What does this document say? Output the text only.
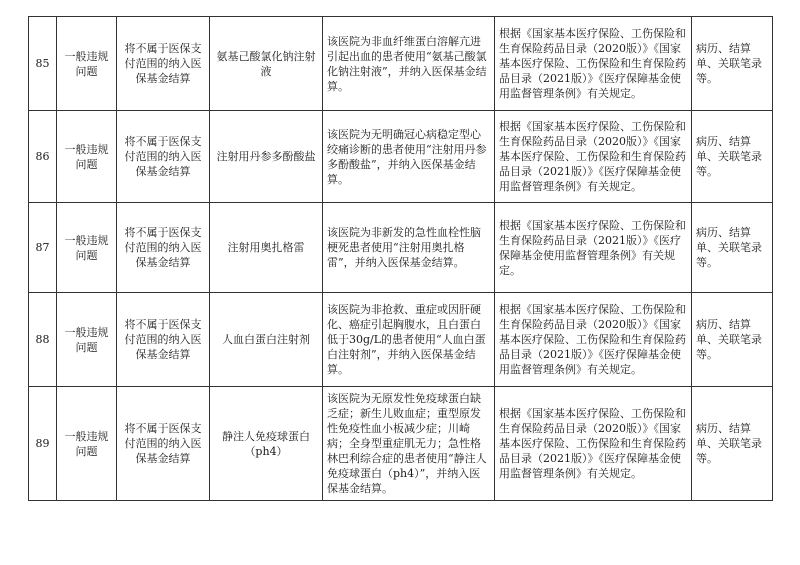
85	一般违规问题	将不属于医保支付范围的纳入医保基金结算	氨基己酸氯化钠注射液	该医院为非血纤维蛋白溶解亢进引起出血的患者使用“氨基己酸氯化钠注射液”，并纳入医保基金结算。	根据《国家基本医疗保险、工伤保险和生育保险药品目录（2020版）》《国家基本医疗保险、工伤保险和生育保险药品目录（2021版）》《医疗保障基金使用监督管理条例》有关规定。	病历、结算单、关联笔录等。
86	一般违规问题	将不属于医保支付范围的纳入医保基金结算	注射用丹参多酚酸盐	该医院为无明确冠心病稳定型心绞痛诊断的患者使用“注射用丹参多酚酸盐”，并纳入医保基金结算。	根据《国家基本医疗保险、工伤保险和生育保险药品目录（2020版）》《国家基本医疗保险、工伤保险和生育保险药品目录（2021版）》《医疗保障基金使用监督管理条例》有关规定。	病历、结算单、关联笔录等。
87	一般违规问题	将不属于医保支付范围的纳入医保基金结算	注射用奥扎格雷	该医院为非新发的急性血栓性脑梗死患者使用“注射用奥扎格雷”，并纳入医保基金结算。	根据《国家基本医疗保险、工伤保险和生育保险药品目录（2021版）》《医疗保障基金使用监督管理条例》有关规定。	病历、结算单、关联笔录等。
88	一般违规问题	将不属于医保支付范围的纳入医保基金结算	人血白蛋白注射剂	该医院为非抢救、重症或因肝硬化、癌症引起胸腹水，且白蛋白低于30g/L的患者使用“人血白蛋白注射剂”，并纳入医保基金结算。	根据《国家基本医疗保险、工伤保险和生育保险药品目录（2020版）》《国家基本医疗保险、工伤保险和生育保险药品目录（2021版）》《医疗保障基金使用监督管理条例》有关规定。	病历、结算单、关联笔录等。
89	一般违规问题	将不属于医保支付范围的纳入医保基金结算	静注人免疫球蛋白（ph4）	该医院为无原发性免疫球蛋白缺乏症；新生儿败血症；重型原发性免疫性血小板减少症；川崎病；全身型重症肌无力；急性格林巴利综合症的患者使用“静注人免疫球蛋白（ph4）”，并纳入医保基金结算。	根据《国家基本医疗保险、工伤保险和生育保险药品目录（2020版）》《国家基本医疗保险、工伤保险和生育保险药品目录（2021版）》《医疗保障基金使用监督管理条例》有关规定。	病历、结算单、关联笔录等。
